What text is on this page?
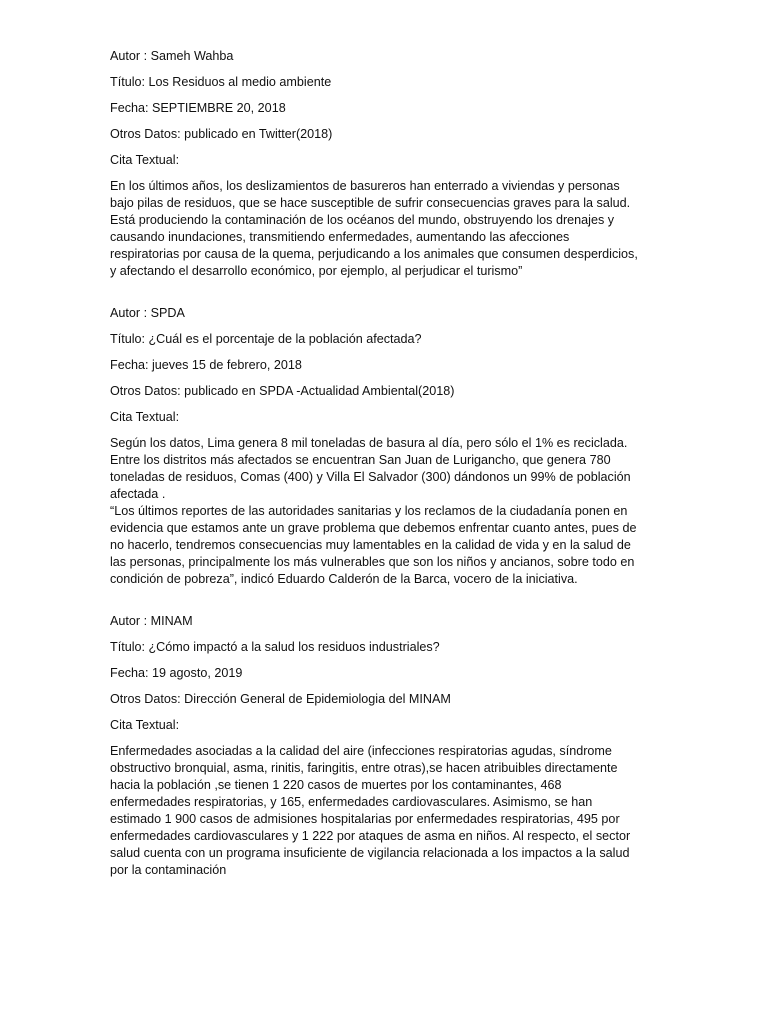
Autor : Sameh Wahba

Título: Los Residuos al medio ambiente

Fecha: SEPTIEMBRE 20, 2018

Otros Datos: publicado en Twitter(2018)

Cita Textual:

En los últimos años, los deslizamientos de basureros han enterrado a viviendas y personas
bajo pilas de residuos, que se hace susceptible de sufrir consecuencias graves para la salud.
Está produciendo la contaminación de los océanos del mundo, obstruyendo los drenajes y
causando inundaciones, transmitiendo enfermedades, aumentando las afecciones
respiratorias por causa de la quema, perjudicando a los animales que consumen desperdicios,
y afectando el desarrollo económico, por ejemplo, al perjudicar el turismo”

Autor : SPDA

Título: ¿Cuál es el porcentaje de la población afectada?

Fecha: jueves 15 de febrero, 2018

Otros Datos: publicado en SPDA -Actualidad Ambiental(2018)

Cita Textual:

Según los datos, Lima genera 8 mil toneladas de basura al día, pero sólo el 1% es reciclada.
Entre los distritos más afectados se encuentran San Juan de Lurigancho, que genera 780
toneladas de residuos, Comas (400) y Villa El Salvador (300) dándonos un 99% de población
afectada .
“Los últimos reportes de las autoridades sanitarias y los reclamos de la ciudadanía ponen en
evidencia que estamos ante un grave problema que debemos enfrentar cuanto antes, pues de
no hacerlo, tendremos consecuencias muy lamentables en la calidad de vida y en la salud de
las personas, principalmente los más vulnerables que son los niños y ancianos, sobre todo en
condición de pobreza”, indicó Eduardo Calderón de la Barca, vocero de la iniciativa.

Autor : MINAM

Título: ¿Cómo impactó a la salud los residuos industriales?

Fecha: 19 agosto, 2019

Otros Datos: Dirección General de Epidemiologia del MINAM

Cita Textual:

Enfermedades asociadas a la calidad del aire (infecciones respiratorias agudas, síndrome
obstructivo bronquial, asma, rinitis, faringitis, entre otras),se hacen atribuibles directamente
hacia la población ,se tienen 1 220 casos de muertes por los contaminantes, 468
enfermedades respiratorias, y 165, enfermedades cardiovasculares. Asimismo, se han
estimado 1 900 casos de admisiones hospitalarias por enfermedades respiratorias, 495 por
enfermedades cardiovasculares y 1 222 por ataques de asma en niños. Al respecto, el sector
salud cuenta con un programa insuficiente de vigilancia relacionada a los impactos a la salud
por la contaminación
